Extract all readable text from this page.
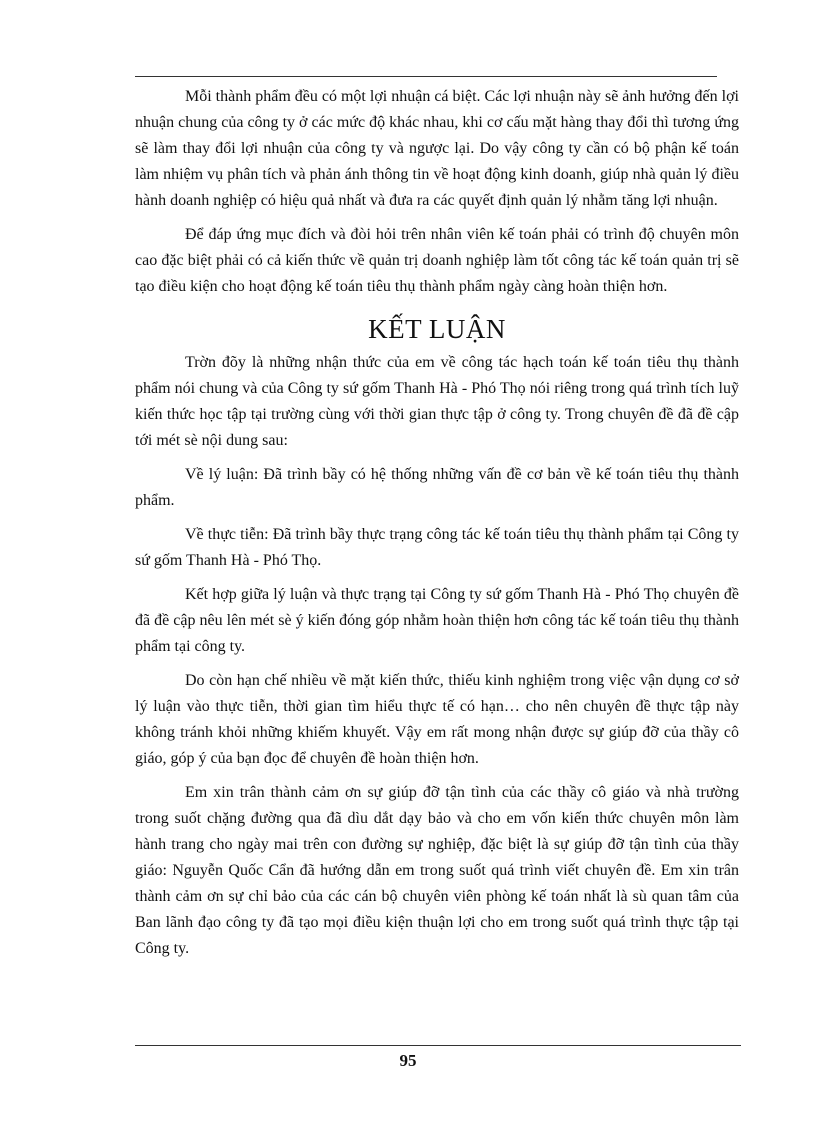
Mỗi thành phẩm đều có một lợi nhuận cá biệt. Các lợi nhuận này sẽ ảnh hưởng đến lợi nhuận chung của công ty ở các mức độ khác nhau, khi cơ cấu mặt hàng thay đổi thì tương ứng sẽ làm thay đổi lợi nhuận của công ty và ngược lại. Do vậy công ty cần có bộ phận kế toán làm nhiệm vụ phân tích và phản ánh thông tin về hoạt động kinh doanh, giúp nhà quản lý điều hành doanh nghiệp có hiệu quả nhất và đưa ra các quyết định quản lý nhằm tăng lợi nhuận.

Để đáp ứng mục đích và đòi hỏi trên nhân viên kế toán phải có trình độ chuyên môn cao đặc biệt phải có cả kiến thức về quản trị doanh nghiệp làm tốt công tác kế toán quản trị sẽ tạo điều kiện cho hoạt động kế toán tiêu thụ thành phẩm ngày càng hoàn thiện hơn.

KẾT LUẬN

Trờn đõy là những nhận thức của em về công tác hạch toán kế toán tiêu thụ thành phẩm nói chung và của Công ty sứ gốm Thanh Hà - Phó Thọ nói riêng trong quá trình tích luỹ kiến thức học tập tại trường cùng với thời gian thực tập ở công ty. Trong chuyên đề đã đề cập tới mét sè nội dung sau:

Về lý luận: Đã trình bầy có hệ thống những vấn đề cơ bản về kế toán tiêu thụ thành phẩm.

Về thực tiễn: Đã trình bầy thực trạng công tác kế toán tiêu thụ thành phẩm tại Công ty sứ gốm Thanh Hà - Phó Thọ.

Kết hợp giữa lý luận và thực trạng tại Công ty sứ gốm Thanh Hà - Phó Thọ chuyên đề đã đề cập nêu lên mét sè ý kiến đóng góp nhằm hoàn thiện hơn công tác kế toán tiêu thụ thành phẩm tại công ty.

Do còn hạn chế nhiều về mặt kiến thức, thiếu kinh nghiệm trong việc vận dụng cơ sở lý luận vào thực tiễn, thời gian tìm hiểu thực tế có hạn… cho nên chuyên đề thực tập này không tránh khỏi những khiếm khuyết. Vậy em rất mong nhận được sự giúp đỡ của thầy cô giáo, góp ý của bạn đọc để chuyên đề hoàn thiện hơn.

Em xin trân thành cảm ơn sự giúp đỡ tận tình của các thầy cô giáo và nhà trường trong suốt chặng đường qua đã dìu dắt dạy bảo và cho em vốn kiến thức chuyên môn làm hành trang cho ngày mai trên con đường sự nghiệp, đặc biệt là sự giúp đỡ tận tình của thầy giáo: Nguyễn Quốc Cẩn đã hướng dẫn em trong suốt quá trình viết chuyên đề. Em xin trân thành cảm ơn sự chỉ bảo của các cán bộ chuyên viên phòng kế toán nhất là sù quan tâm của Ban lãnh đạo công ty đã tạo mọi điều kiện thuận lợi cho em trong suốt quá trình thực tập tại Công ty.

95
